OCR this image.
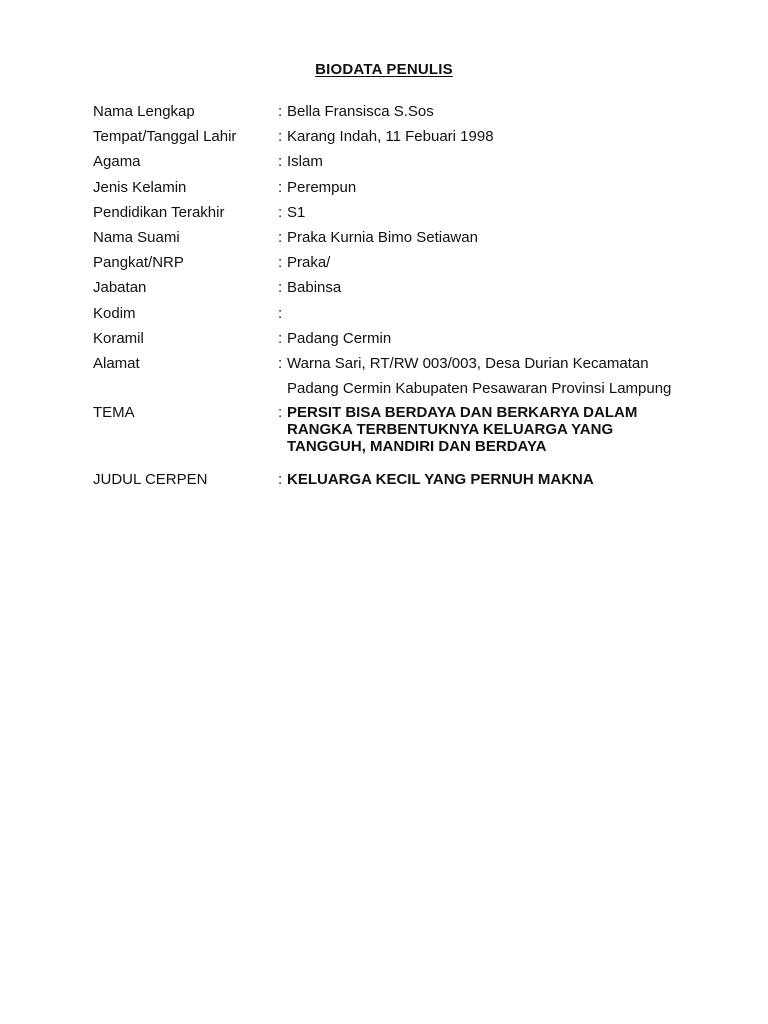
BIODATA PENULIS
Nama Lengkap	: Bella Fransisca S.Sos
Tempat/Tanggal Lahir	: Karang Indah, 11 Febuari 1998
Agama	: Islam
Jenis Kelamin	: Perempun
Pendidikan Terakhir	: S1
Nama Suami	: Praka Kurnia Bimo Setiawan
Pangkat/NRP	: Praka/
Jabatan	: Babinsa
Kodim	:
Koramil	: Padang Cermin
Alamat	: Warna Sari, RT/RW 003/003, Desa Durian Kecamatan Padang Cermin Kabupaten Pesawaran Provinsi Lampung
TEMA	: PERSIT BISA BERDAYA DAN BERKARYA DALAM RANGKA TERBENTUKNYA KELUARGA YANG TANGGUH, MANDIRI DAN BERDAYA
JUDUL CERPEN	: KELUARGA KECIL YANG PERNUH MAKNA
